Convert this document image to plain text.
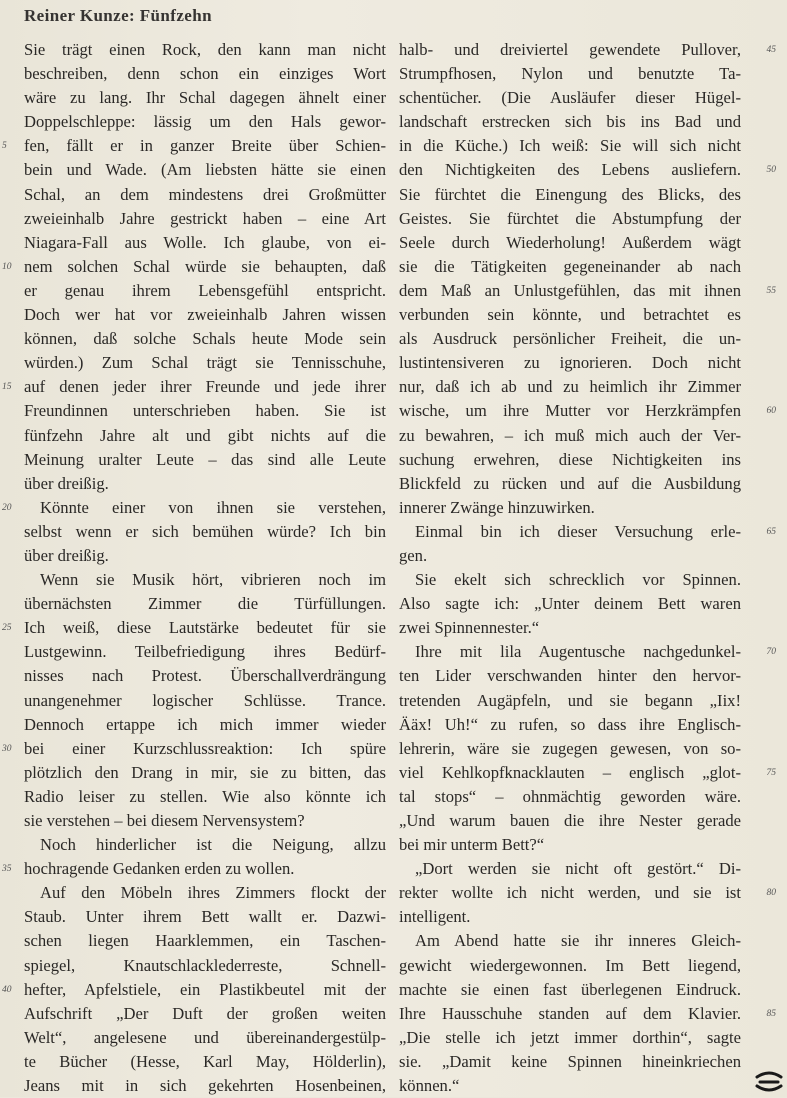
Reiner Kunze: Fünfzehn
Sie trägt einen Rock, den kann man nicht
beschreiben, denn schon ein einziges Wort
wäre zu lang. Ihr Schal dagegen ähnelt einer
Doppelschleppe: lässig um den Hals gewor-
fen, fällt er in ganzer Breite über Schien-
5
bein und Wade. (Am liebsten hätte sie einen
Schal, an dem mindestens drei Großmütter
zweieinhalb Jahre gestrickt haben – eine Art
Niagara-Fall aus Wolle. Ich glaube, von ei-
nem solchen Schal würde sie behaupten, daß
10
er genau ihrem Lebensgefühl entspricht.
Doch wer hat vor zweieinhalb Jahren wissen
können, daß solche Schals heute Mode sein
würden.) Zum Schal trägt sie Tennisschuhe,
auf denen jeder ihrer Freunde und jede ihrer
15
Freundinnen unterschrieben haben. Sie ist
fünfzehn Jahre alt und gibt nichts auf die
Meinung uralter Leute – das sind alle Leute
über dreißig.
Könnte einer von ihnen sie verstehen,
20
selbst wenn er sich bemühen würde? Ich bin
über dreißig.
Wenn sie Musik hört, vibrieren noch im
übernächsten Zimmer die Türfüllungen.
Ich weiß, diese Lautstärke bedeutet für sie
25
Lustgewinn. Teilbefriedigung ihres Bedürf-
nisses nach Protest. Überschallverdrängung
unangenehmer logischer Schlüsse. Trance.
Dennoch ertappe ich mich immer wieder
bei einer Kurzschlussreaktion: Ich spüre
30
plötzlich den Drang in mir, sie zu bitten, das
Radio leiser zu stellen. Wie also könnte ich
sie verstehen – bei diesem Nervensystem?
Noch hinderlicher ist die Neigung, allzu
hochragende Gedanken erden zu wollen.
35
Auf den Möbeln ihres Zimmers flockt der
Staub. Unter ihrem Bett wallt er. Dazwi-
schen liegen Haarklemmen, ein Taschen-
spiegel, Knautschlacklederreste, Schnell-
hefter, Apfelstiele, ein Plastikbeutel mit der
40
Aufschrift „Der Duft der großen weiten
Welt“, angelesene und übereinandergestülp-
te Bücher (Hesse, Karl May, Hölderlin),
Jeans mit in sich gekehrten Hosenbeinen,
halb- und dreiviertel gewendete Pullover,	45
Strumpfhosen, Nylon und benutzte Ta-
schentücher. (Die Ausläufer dieser Hügel-
landschaft erstrecken sich bis ins Bad und
in die Küche.) Ich weiß: Sie will sich nicht
den Nichtigkeiten des Lebens ausliefern.	50
Sie fürchtet die Einengung des Blicks, des
Geistes. Sie fürchtet die Abstumpfung der
Seele durch Wiederholung! Außerdem wägt
sie die Tätigkeiten gegeneinander ab nach
dem Maß an Unlustgefühlen, das mit ihnen	55
verbunden sein könnte, und betrachtet es
als Ausdruck persönlicher Freiheit, die un-
lustintensiveren zu ignorieren. Doch nicht
nur, daß ich ab und zu heimlich ihr Zimmer
wische, um ihre Mutter vor Herzkrämpfen	60
zu bewahren, – ich muß mich auch der Ver-
suchung erwehren, diese Nichtigkeiten ins
Blickfeld zu rücken und auf die Ausbildung
innerer Zwänge hinzuwirken.
Einmal bin ich dieser Versuchung erle-	65
gen.
Sie ekelt sich schrecklich vor Spinnen.
Also sagte ich: „Unter deinem Bett waren
zwei Spinnennester.“
Ihre mit lila Augentusche nachgedunkel-	70
ten Lider verschwanden hinter den hervor-
tretenden Augäpfeln, und sie begann „Iix!
Ääx! Uh!“ zu rufen, so dass ihre Englisch-
lehrerin, wäre sie zugegen gewesen, von so-
viel Kehlkopfknacklauten – englisch „glot-	75
tal stops“ – ohnmächtig geworden wäre.
„Und warum bauen die ihre Nester gerade
bei mir unterm Bett?“
„Dort werden sie nicht oft gestört.“ Di-
rekter wollte ich nicht werden, und sie ist	80
intelligent.
Am Abend hatte sie ihr inneres Gleich-
gewicht wiedergewonnen. Im Bett liegend,
machte sie einen fast überlegenen Eindruck.
Ihre Hausschuhe standen auf dem Klavier.	85
„Die stelle ich jetzt immer dorthin“, sagte
sie. „Damit keine Spinnen hineinkriechen
können.“
